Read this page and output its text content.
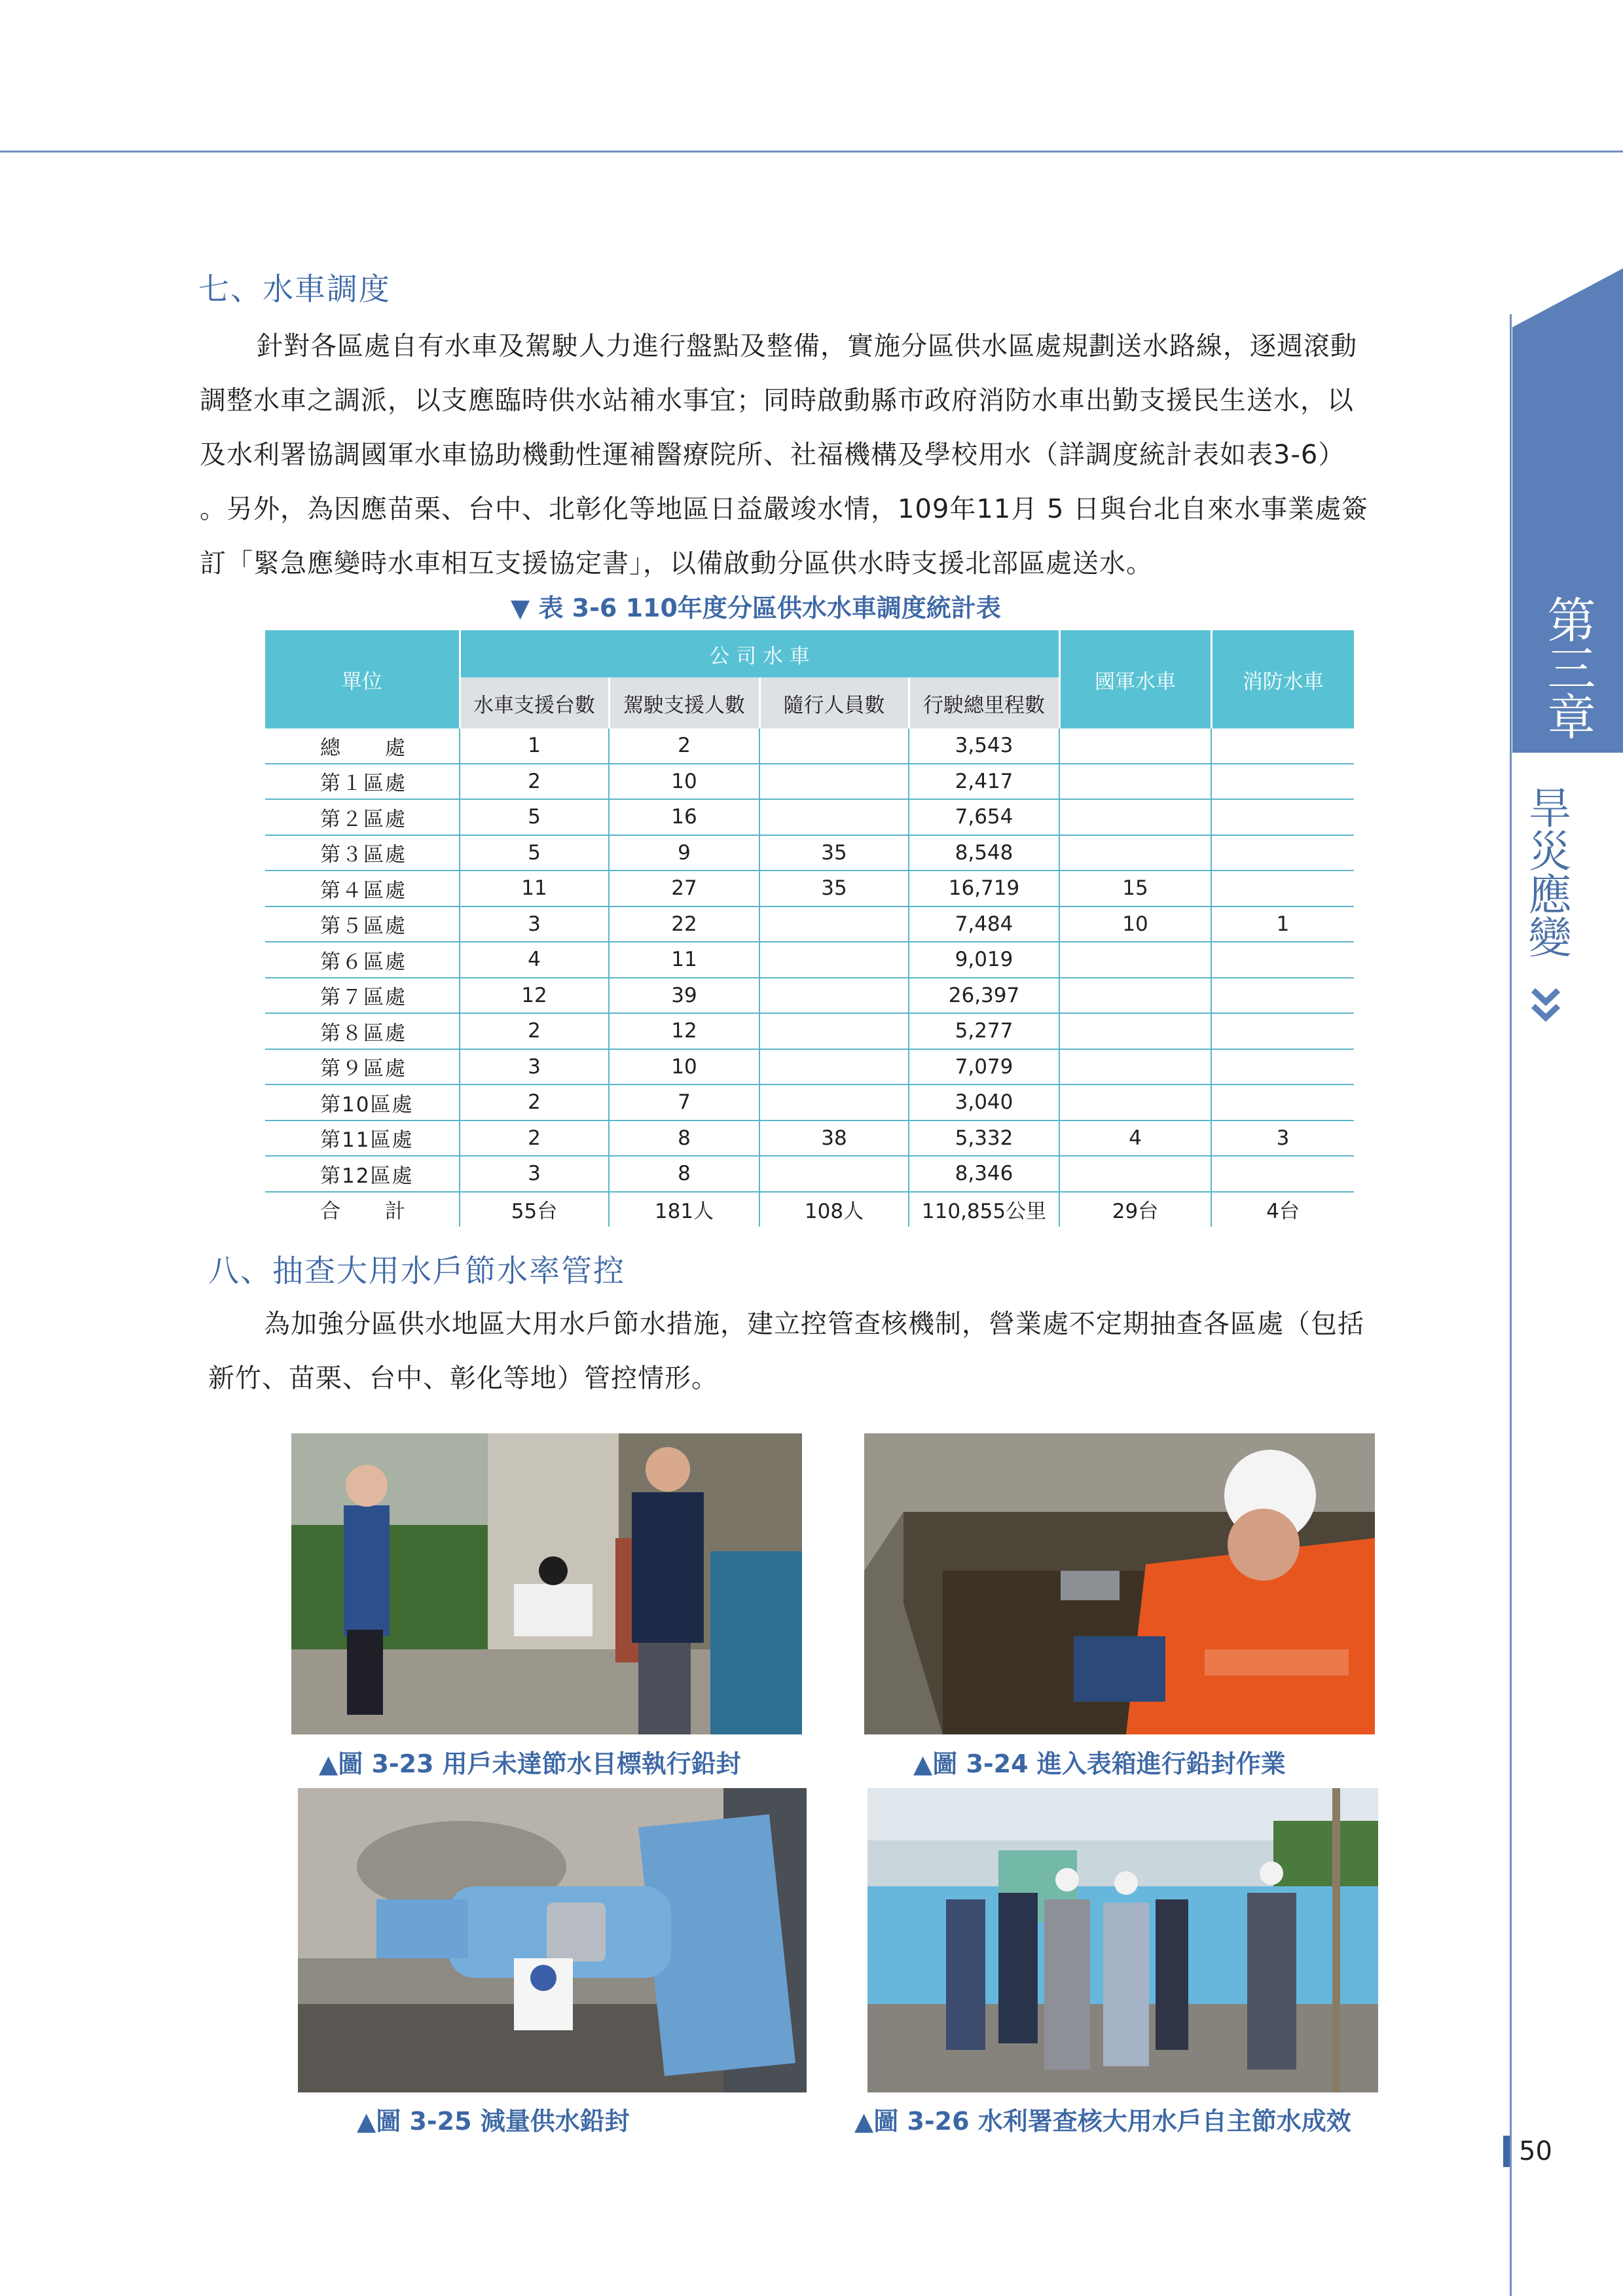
第三章
旱災應變
七、水車調度

針對各區處自有水車及駕駛人力進行盤點及整備，實施分區供水區處規劃送水路線，逐週滾動

調整水車之調派，以支應臨時供水站補水事宜；同時啟動縣市政府消防水車出勤支援民生送水，以

及水利署協調國軍水車協助機動性運補醫療院所、社福機構及學校用水（詳調度統計表如表3-6）

。另外，為因應苗栗、台中、北彰化等地區日益嚴竣水情，109年11月 5 日與台北自來水事業處簽

訂「緊急應變時水車相互支援協定書」，以備啟動分區供水時支援北部區處送水。

▼ 表 3-6 110年度分區供水水車調度統計表
單位	公 司 水 車				國軍水車	消防水車
	水車支援台數	駕駛支援人數	隨行人員數	行駛總里程數		
總　　處	1	2		3,543		
第１區處	2	10		2,417		
第２區處	5	16		7,654		
第３區處	5	9	35	8,548		
第４區處	11	27	35	16,719	15	
第５區處	3	22		7,484	10	1
第６區處	4	11		9,019		
第７區處	12	39		26,397		
第８區處	2	12		5,277		
第９區處	3	10		7,079		
第10區處	2	7		3,040		
第11區處	2	8	38	5,332	4	3
第12區處	3	8		8,346		
合　　計	55台	181人	108人	110,855公里	29台	4台
八、抽查大用水戶節水率管控

為加強分區供水地區大用水戶節水措施，建立控管查核機制，營業處不定期抽查各區處（包括

新竹、苗栗、台中、彰化等地）管控情形。

▲圖 3-23 用戶未達節水目標執行鉛封	▲圖 3-24 進入表箱進行鉛封作業
▲圖 3-25 減量供水鉛封	▲圖 3-26 水利署查核大用水戶自主節水成效
50
